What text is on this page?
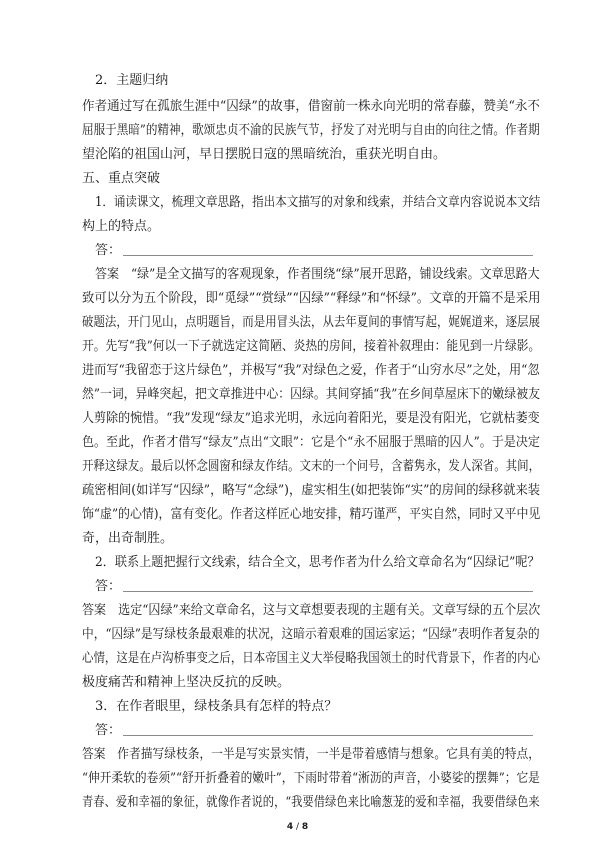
2．主题归纳

作者通过写在孤旅生涯中“囚绿”的故事，借窗前一株永向光明的常春藤，赞美“永不

屈服于黑暗”的精神，歌颂忠贞不渝的民族气节，抒发了对光明与自由的向往之情。作者期

望沦陷的祖国山河，早日摆脱日寇的黑暗统治，重获光明自由。

五、重点突破

1．诵读课文，梳理文章思路，指出本文描写的对象和线索，并结合文章内容说说本文结

构上的特点。

答：

答案　“绿”是全文描写的客观现象，作者围绕“绿”展开思路，铺设线索。文章思路大

致可以分为五个阶段，即“觅绿”“赏绿”“囚绿”“释绿”和“怀绿”。文章的开篇不是采用

破题法，开门见山，点明题旨，而是用冒头法，从去年夏间的事情写起，娓娓道来，逐层展

开。先写“我”何以一下子就选定这简陋、炎热的房间，接着补叙理由：能见到一片绿影。

进而写“我留恋于这片绿色”，并极写“我”对绿色之爱，作者于“山穷水尽”之处，用“忽

然”一词，异峰突起，把文章推进中心：囚绿。其间穿插“我”在乡间草屋床下的嫩绿被友

人剪除的惋惜。“我”发现“绿友”追求光明，永远向着阳光，要是没有阳光，它就枯萎变

色。至此，作者才借写“绿友”点出“文眼”：它是个“永不屈服于黑暗的囚人”。于是决定

开释这绿友。最后以怀念圆窗和绿友作结。文末的一个问号，含蓄隽永，发人深省。其间，

疏密相间(如详写“囚绿”，略写“念绿”)，虚实相生(如把装饰“实”的房间的绿移就来装

饰“虚”的心情)，富有变化。作者这样匠心地安排，精巧谨严，平实自然，同时又平中见

奇，出奇制胜。

2．联系上题把握行文线索，结合全文，思考作者为什么给文章命名为“囚绿记”呢？

答：

答案　选定“囚绿”来给文章命名，这与文章想要表现的主题有关。文章写绿的五个层次

中，“囚绿”是写绿枝条最艰难的状况，这暗示着艰难的国运家运；“囚绿”表明作者复杂的

心情，这是在卢沟桥事变之后，日本帝国主义大举侵略我国领土的时代背景下，作者的内心

极度痛苦和精神上坚决反抗的反映。

3．在作者眼里，绿枝条具有怎样的特点？

答：

答案　作者描写绿枝条，一半是写实景实情，一半是带着感情与想象。它具有美的特点，

“伸开柔软的卷须”“舒开折叠着的嫩叶”，下雨时带着“淅沥的声音，小婆娑的摆舞”；它是

青春、爱和幸福的象征，就像作者说的，“我要借绿色来比喻葱茏的爱和幸福，我要借绿色来

4 / 8
